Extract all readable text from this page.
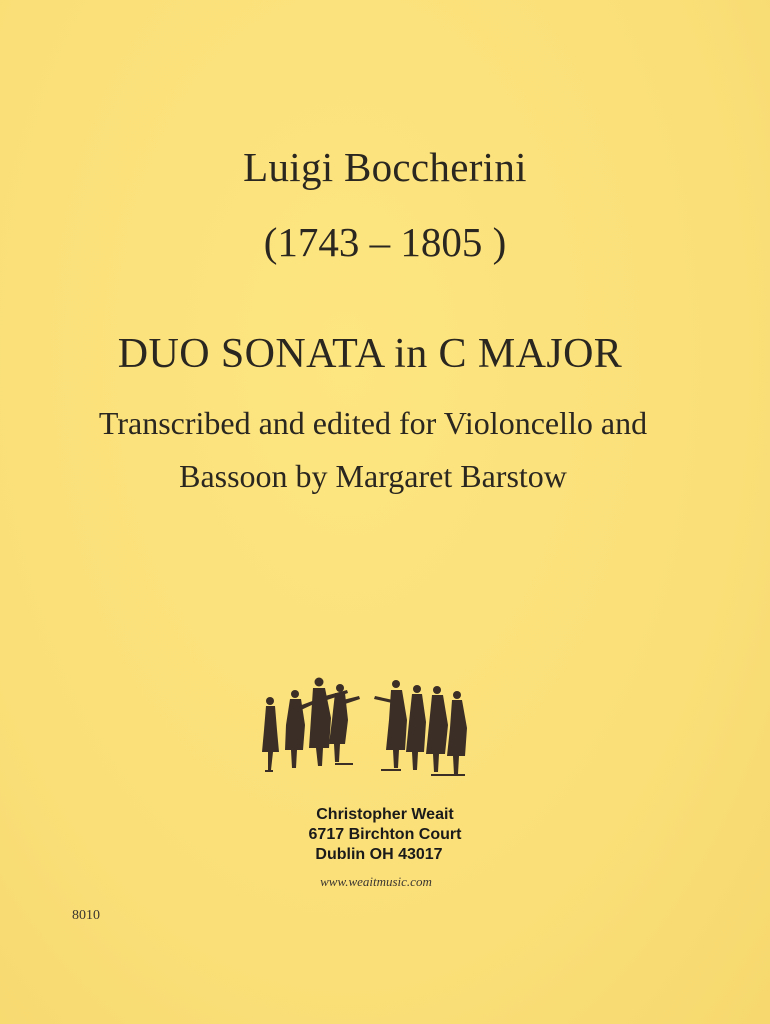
Luigi Boccherini
(1743 – 1805 )
DUO SONATA in C MAJOR
Transcribed and edited for Violoncello and
Bassoon by Margaret Barstow
Christopher Weait
6717 Birchton Court
Dublin OH 43017
www.weaitmusic.com
8010
